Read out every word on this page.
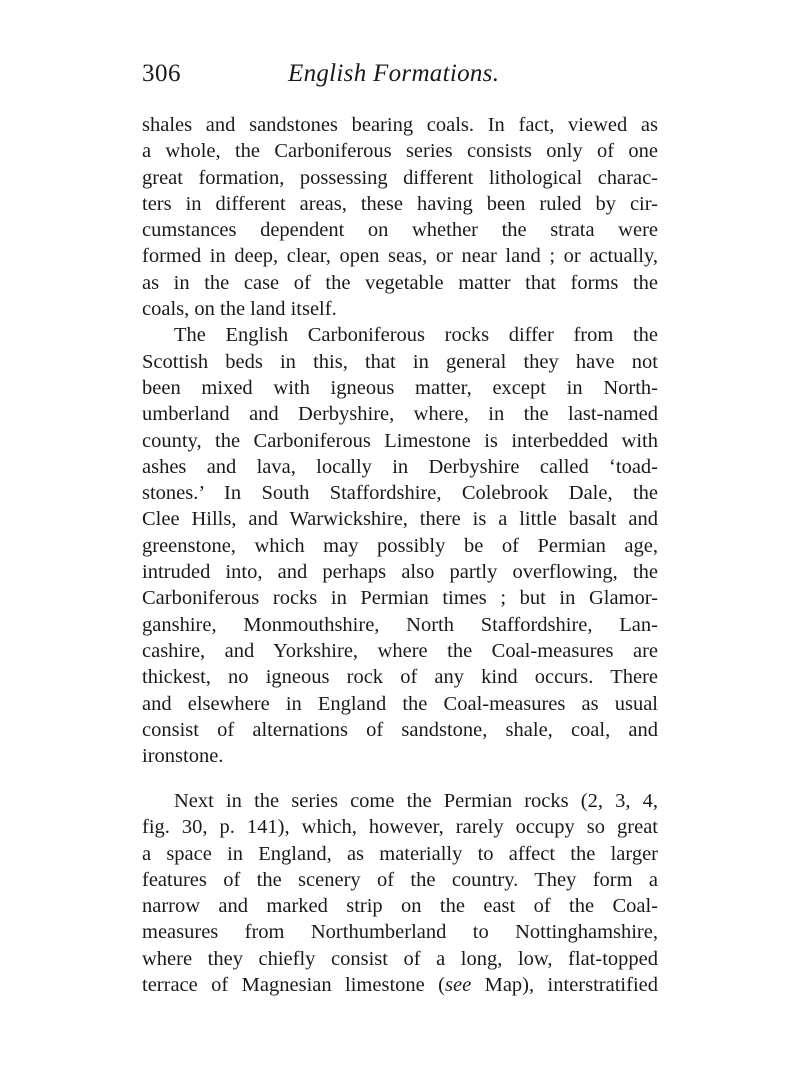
306	English Formations.
shales and sandstones bearing coals. In fact, viewed as
a whole, the Carboniferous series consists only of one
great formation, possessing different lithological charac-
ters in different areas, these having been ruled by cir-
cumstances dependent on whether the strata were
formed in deep, clear, open seas, or near land ; or actually,
as in the case of the vegetable matter that forms the
coals, on the land itself.
The English Carboniferous rocks differ from the
Scottish beds in this, that in general they have not
been mixed with igneous matter, except in North-
umberland and Derbyshire, where, in the last-named
county, the Carboniferous Limestone is interbedded with
ashes and lava, locally in Derbyshire called ‘toad-
stones.’ In South Staffordshire, Colebrook Dale, the
Clee Hills, and Warwickshire, there is a little basalt and
greenstone, which may possibly be of Permian age,
intruded into, and perhaps also partly overflowing, the
Carboniferous rocks in Permian times ; but in Glamor-
ganshire, Monmouthshire, North Staffordshire, Lan-
cashire, and Yorkshire, where the Coal-measures are
thickest, no igneous rock of any kind occurs. There
and elsewhere in England the Coal-measures as usual
consist of alternations of sandstone, shale, coal, and
ironstone.
Next in the series come the Permian rocks (2, 3, 4,
fig. 30, p. 141), which, however, rarely occupy so great
a space in England, as materially to affect the larger
features of the scenery of the country. They form a
narrow and marked strip on the east of the Coal-
measures from Northumberland to Nottinghamshire,
where they chiefly consist of a long, low, flat-topped
terrace of Magnesian limestone (see Map), interstratified
